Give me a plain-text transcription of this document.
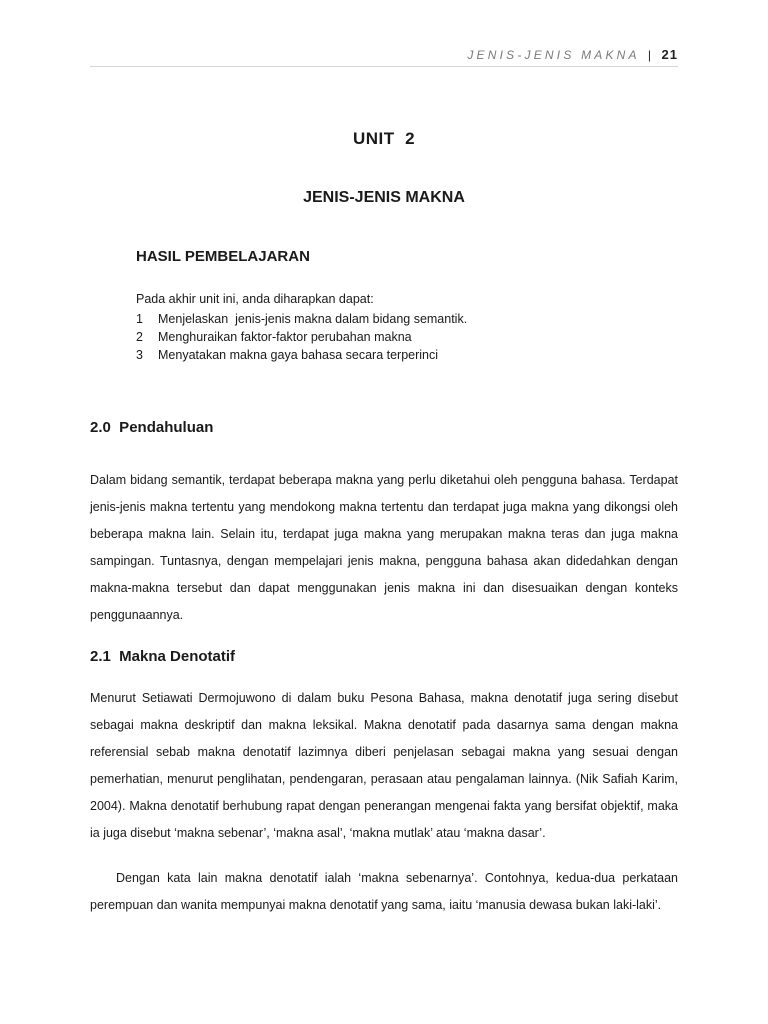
JENIS-JENIS MAKNA | 21
UNIT  2
JENIS-JENIS MAKNA
HASIL PEMBELAJARAN
Pada akhir unit ini, anda diharapkan dapat:
1	Menjelaskan  jenis-jenis makna dalam bidang semantik.
2	Menghuraikan faktor-faktor perubahan makna
3	Menyatakan makna gaya bahasa secara terperinci
2.0  Pendahuluan

Dalam bidang semantik, terdapat beberapa makna yang perlu diketahui oleh pengguna bahasa. Terdapat jenis-jenis makna tertentu yang mendokong makna tertentu dan terdapat juga makna yang dikongsi oleh beberapa makna lain. Selain itu, terdapat juga makna yang merupakan makna teras dan juga makna sampingan. Tuntasnya, dengan mempelajari jenis makna, pengguna bahasa akan didedahkan dengan makna-makna tersebut dan dapat menggunakan jenis makna ini dan disesuaikan dengan konteks penggunaannya.

2.1  Makna Denotatif

Menurut Setiawati Dermojuwono di dalam buku Pesona Bahasa, makna denotatif juga sering disebut sebagai makna deskriptif dan makna leksikal. Makna denotatif pada dasarnya sama dengan makna referensial sebab makna denotatif lazimnya diberi penjelasan sebagai makna yang sesuai dengan pemerhatian, menurut penglihatan, pendengaran, perasaan atau pengalaman lainnya. (Nik Safiah Karim, 2004). Makna denotatif berhubung rapat dengan penerangan mengenai fakta yang bersifat objektif, maka ia juga disebut ‘makna sebenar’, ‘makna asal’, ‘makna mutlak’ atau ‘makna dasar’.

Dengan kata lain makna denotatif ialah ‘makna sebenarnya’. Contohnya, kedua-dua perkataan perempuan dan wanita mempunyai makna denotatif yang sama, iaitu ‘manusia dewasa bukan laki-laki’.
